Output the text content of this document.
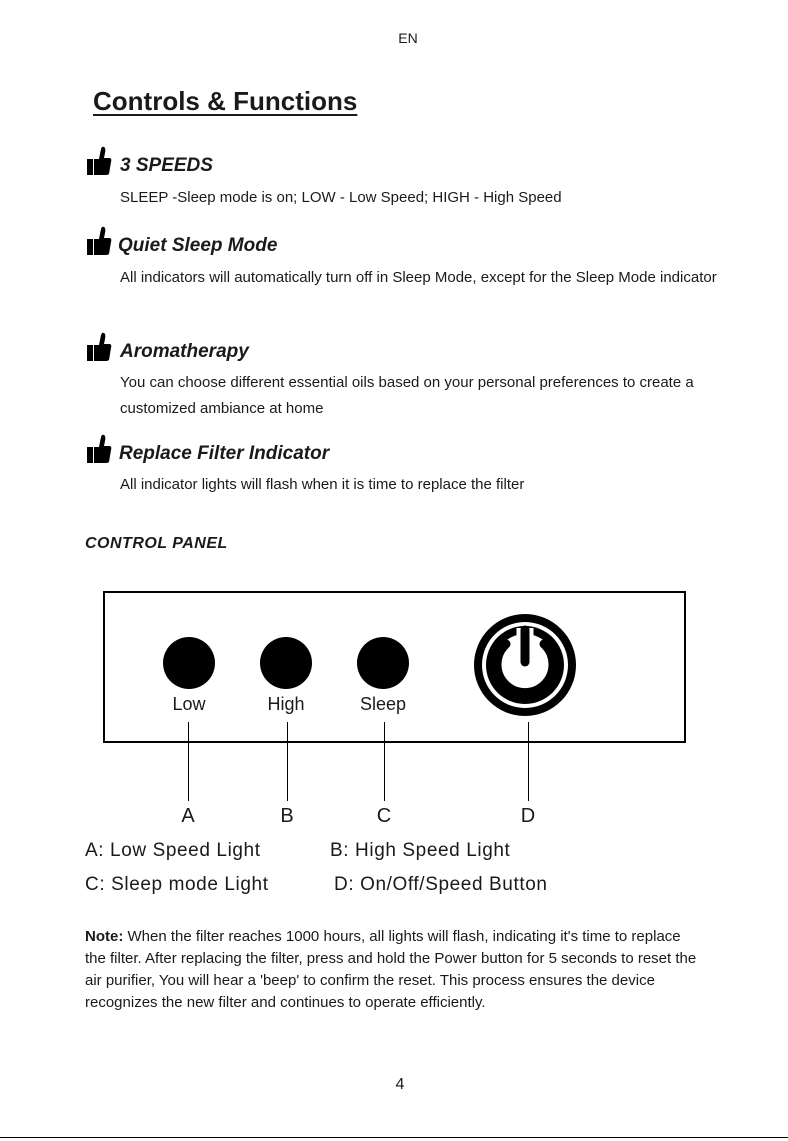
EN
Controls & Functions
3 SPEEDS
SLEEP -Sleep mode is on; LOW - Low Speed; HIGH - High Speed
Quiet Sleep Mode
All indicators will automatically turn off in Sleep Mode, except for the Sleep Mode indicator
Aromatherapy
You can choose different essential oils based on your personal preferences to create a customized ambiance at home
Replace Filter Indicator
All indicator lights will flash when it is time to replace the filter
CONTROL PANEL
Low	High	Sleep
A	B	C	D
A: Low Speed Light	B: High Speed Light
C: Sleep mode Light	D: On/Off/Speed Button
Note: When the filter reaches 1000 hours, all lights will flash, indicating it's time to replace the filter. After replacing the filter, press and hold the Power button for 5 seconds to reset the air purifier, You will hear a 'beep' to confirm the reset. This process ensures the device recognizes the new filter and continues to operate efficiently.
4
